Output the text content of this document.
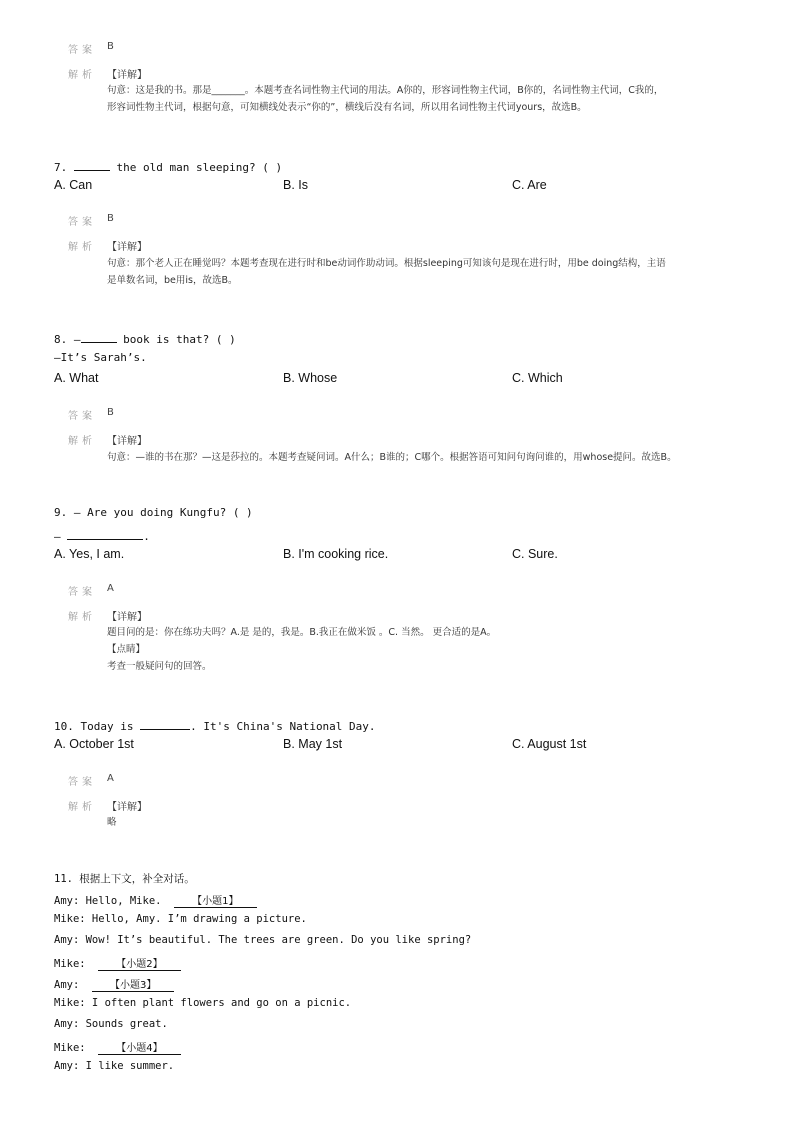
答案 B
解析 【详解】
句意：这是我的书。那是_______。本题考查名词性物主代词的用法。A你的，形容词性物主代词，B你的，名词性物主代词，C我的，
形容词性物主代词，根据句意，可知横线处表示“你的”，横线后没有名词，所以用名词性物主代词yours，故选B。
7.	the old man sleeping? ( )
A. Can	B. Is	C. Are
答案 B
解析 【详解】
句意：那个老人正在睡觉吗？本题考查现在进行时和be动词作助动词。根据sleeping可知该句是现在进行时，用be doing结构，主语
是单数名词，be用is，故选B。
8. —	book is that? ( )
—It’s Sarah’s.
A. What	B. Whose	C. Which
答案 B
解析 【详解】
句意：—谁的书在那？—这是莎拉的。本题考查疑问词。A什么；B谁的；C哪个。根据答语可知问句询问谁的，用whose提问。故选B。
9. — Are you doing Kungfu? ( )
—	.
A. Yes, I am.	B. I'm cooking rice.	C. Sure.
答案 A
解析 【详解】
题目问的是：你在练功夫吗？A.是 是的，我是。B.我正在做米饭 。C. 当然。 更合适的是A。
【点睛】
考查一般疑问句的回答。
10. Today is	. It's China's National Day.
A. October 1st	B. May 1st	C. August 1st
答案 A
解析 【详解】
略
11. 根据上下文，补全对话。
Amy: Hello, Mike.	【小题1】
Mike: Hello, Amy. I’m drawing a picture.
Amy: Wow! It’s beautiful. The trees are green. Do you like spring?
Mike:	【小题2】
Amy:	【小题3】
Mike: I often plant flowers and go on a picnic.
Amy: Sounds great.
Mike:	【小题4】
Amy: I like summer.
